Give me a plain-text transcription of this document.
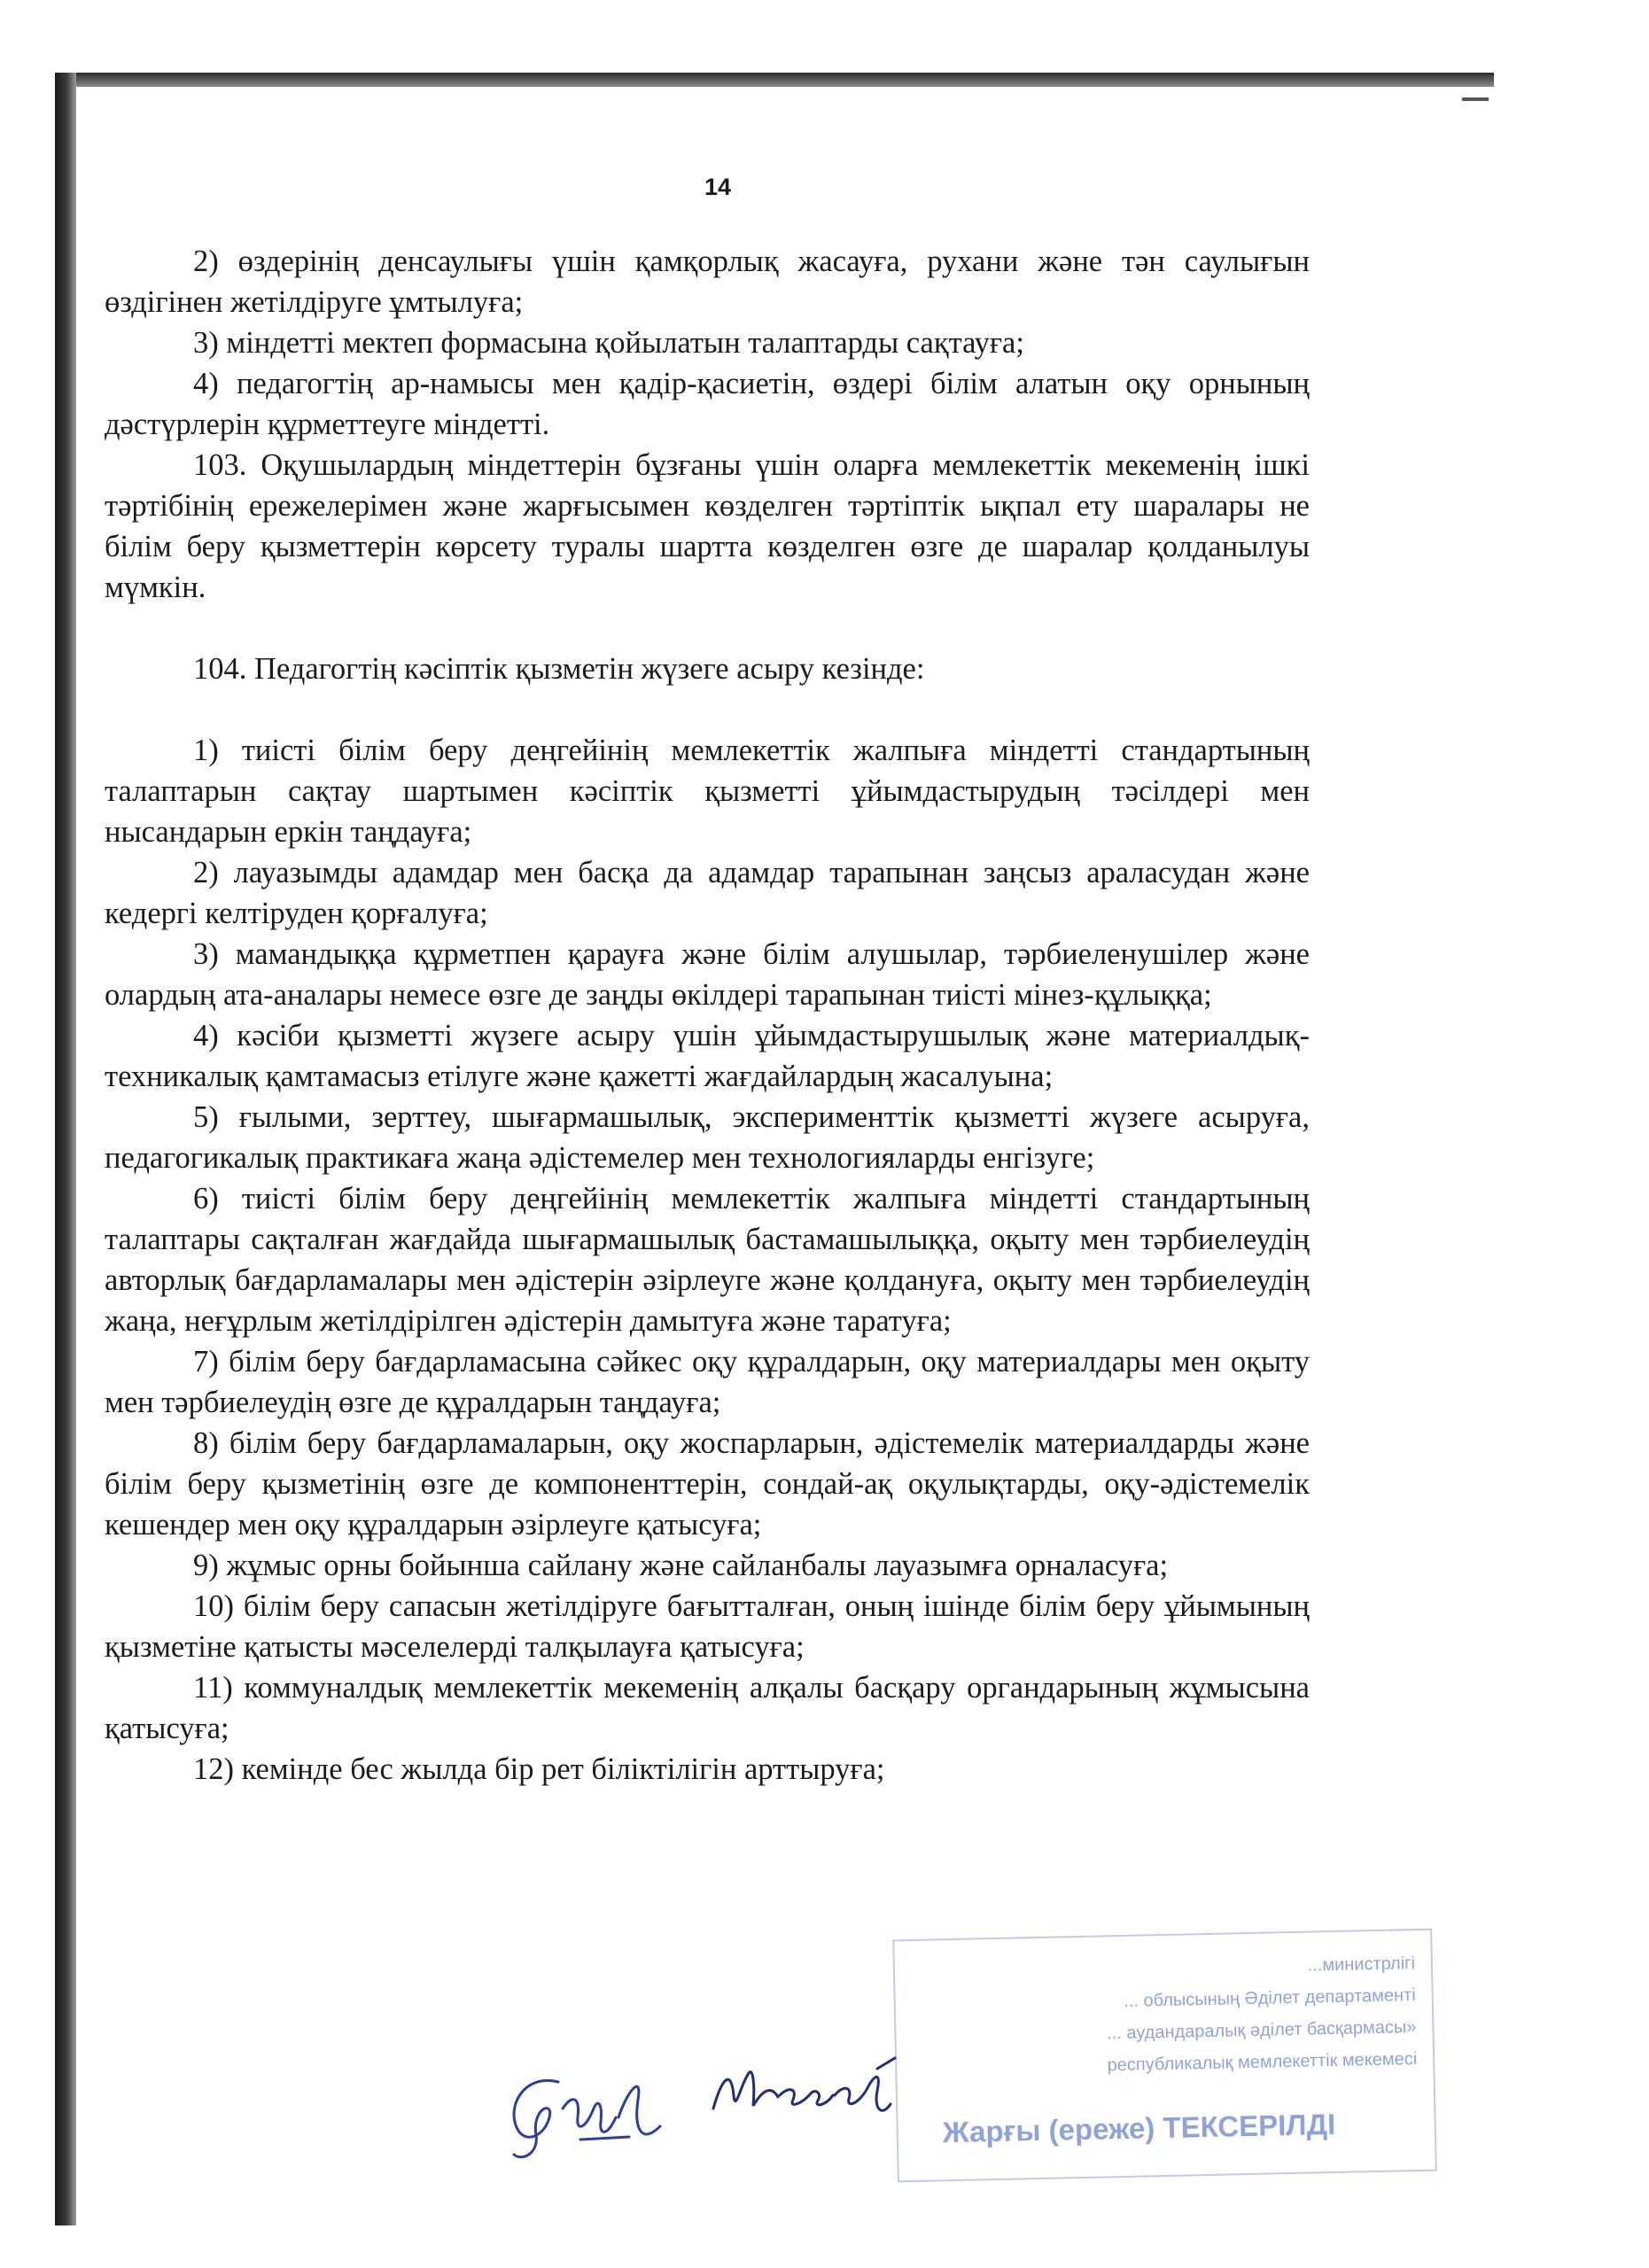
14

2) өздерінің денсаулығы үшін қамқорлық жасауға, рухани және тән саулығын өздігінен жетілдіруге ұмтылуға;

3) міндетті мектеп формасына қойылатын талаптарды сақтауға;

4) педагогтің ар-намысы мен қадір-қасиетін, өздері білім алатын оқу орнының дәстүрлерін құрметтеуге міндетті.

103. Оқушылардың міндеттерін бұзғаны үшін оларға мемлекеттік мекеменің ішкі тәртібінің ережелерімен және жарғысымен көзделген тәртіптік ықпал ету шаралары не білім беру қызметтерін көрсету туралы шартта көзделген өзге де шаралар қолданылуы мүмкін.

104. Педагогтің кәсіптік қызметін жүзеге асыру кезінде:

1) тиісті білім беру деңгейінің мемлекеттік жалпыға міндетті стандартының талаптарын сақтау шартымен кәсіптік қызметті ұйымдастырудың тәсілдері мен нысандарын еркін таңдауға;

2) лауазымды адамдар мен басқа да адамдар тарапынан заңсыз араласудан және кедергі келтіруден қорғалуға;

3) мамандыққа құрметпен қарауға және білім алушылар, тәрбиеленушілер және олардың ата-аналары немесе өзге де заңды өкілдері тарапынан тиісті мінез-құлыққа;

4) кәсіби қызметті жүзеге асыру үшін ұйымдастырушылық және материалдық-техникалық қамтамасыз етілуге және қажетті жағдайлардың жасалуына;

5) ғылыми, зерттеу, шығармашылық, эксперименттік қызметті жүзеге асыруға, педагогикалық практикаға жаңа әдістемелер мен технологияларды енгізуге;

6) тиісті білім беру деңгейінің мемлекеттік жалпыға міндетті стандартының талаптары сақталған жағдайда шығармашылық бастамашылыққа, оқыту мен тәрбиелеудің авторлық бағдарламалары мен әдістерін әзірлеуге және қолдануға, оқыту мен тәрбиелеудің жаңа, неғұрлым жетілдірілген әдістерін дамытуға және таратуға;

7) білім беру бағдарламасына сәйкес оқу құралдарын, оқу материалдары мен оқыту мен тәрбиелеудің өзге де құралдарын таңдауға;

8) білім беру бағдарламаларын, оқу жоспарларын, әдістемелік материалдарды және білім беру қызметінің өзге де компоненттерін, сондай-ақ оқулықтарды, оқу-әдістемелік кешендер мен оқу құралдарын әзірлеуге қатысуға;

9) жұмыс орны бойынша сайлану және сайланбалы лауазымға орналасуға;

10) білім беру сапасын жетілдіруге бағытталған, оның ішінде білім беру ұйымының қызметіне қатысты мәселелерді талқылауға қатысуға;

11) коммуналдық мемлекеттік мекеменің алқалы басқару органдарының жұмысына қатысуға;

12) кемінде бес жылда бір рет біліктілігін арттыруға;

...министрлігі
... облысының Әділет департаменті
... аудандаралық әділет басқармасы»
республикалық мемлекеттік мекемесі
Жарғы (ереже) ТЕКСЕРІЛДІ
